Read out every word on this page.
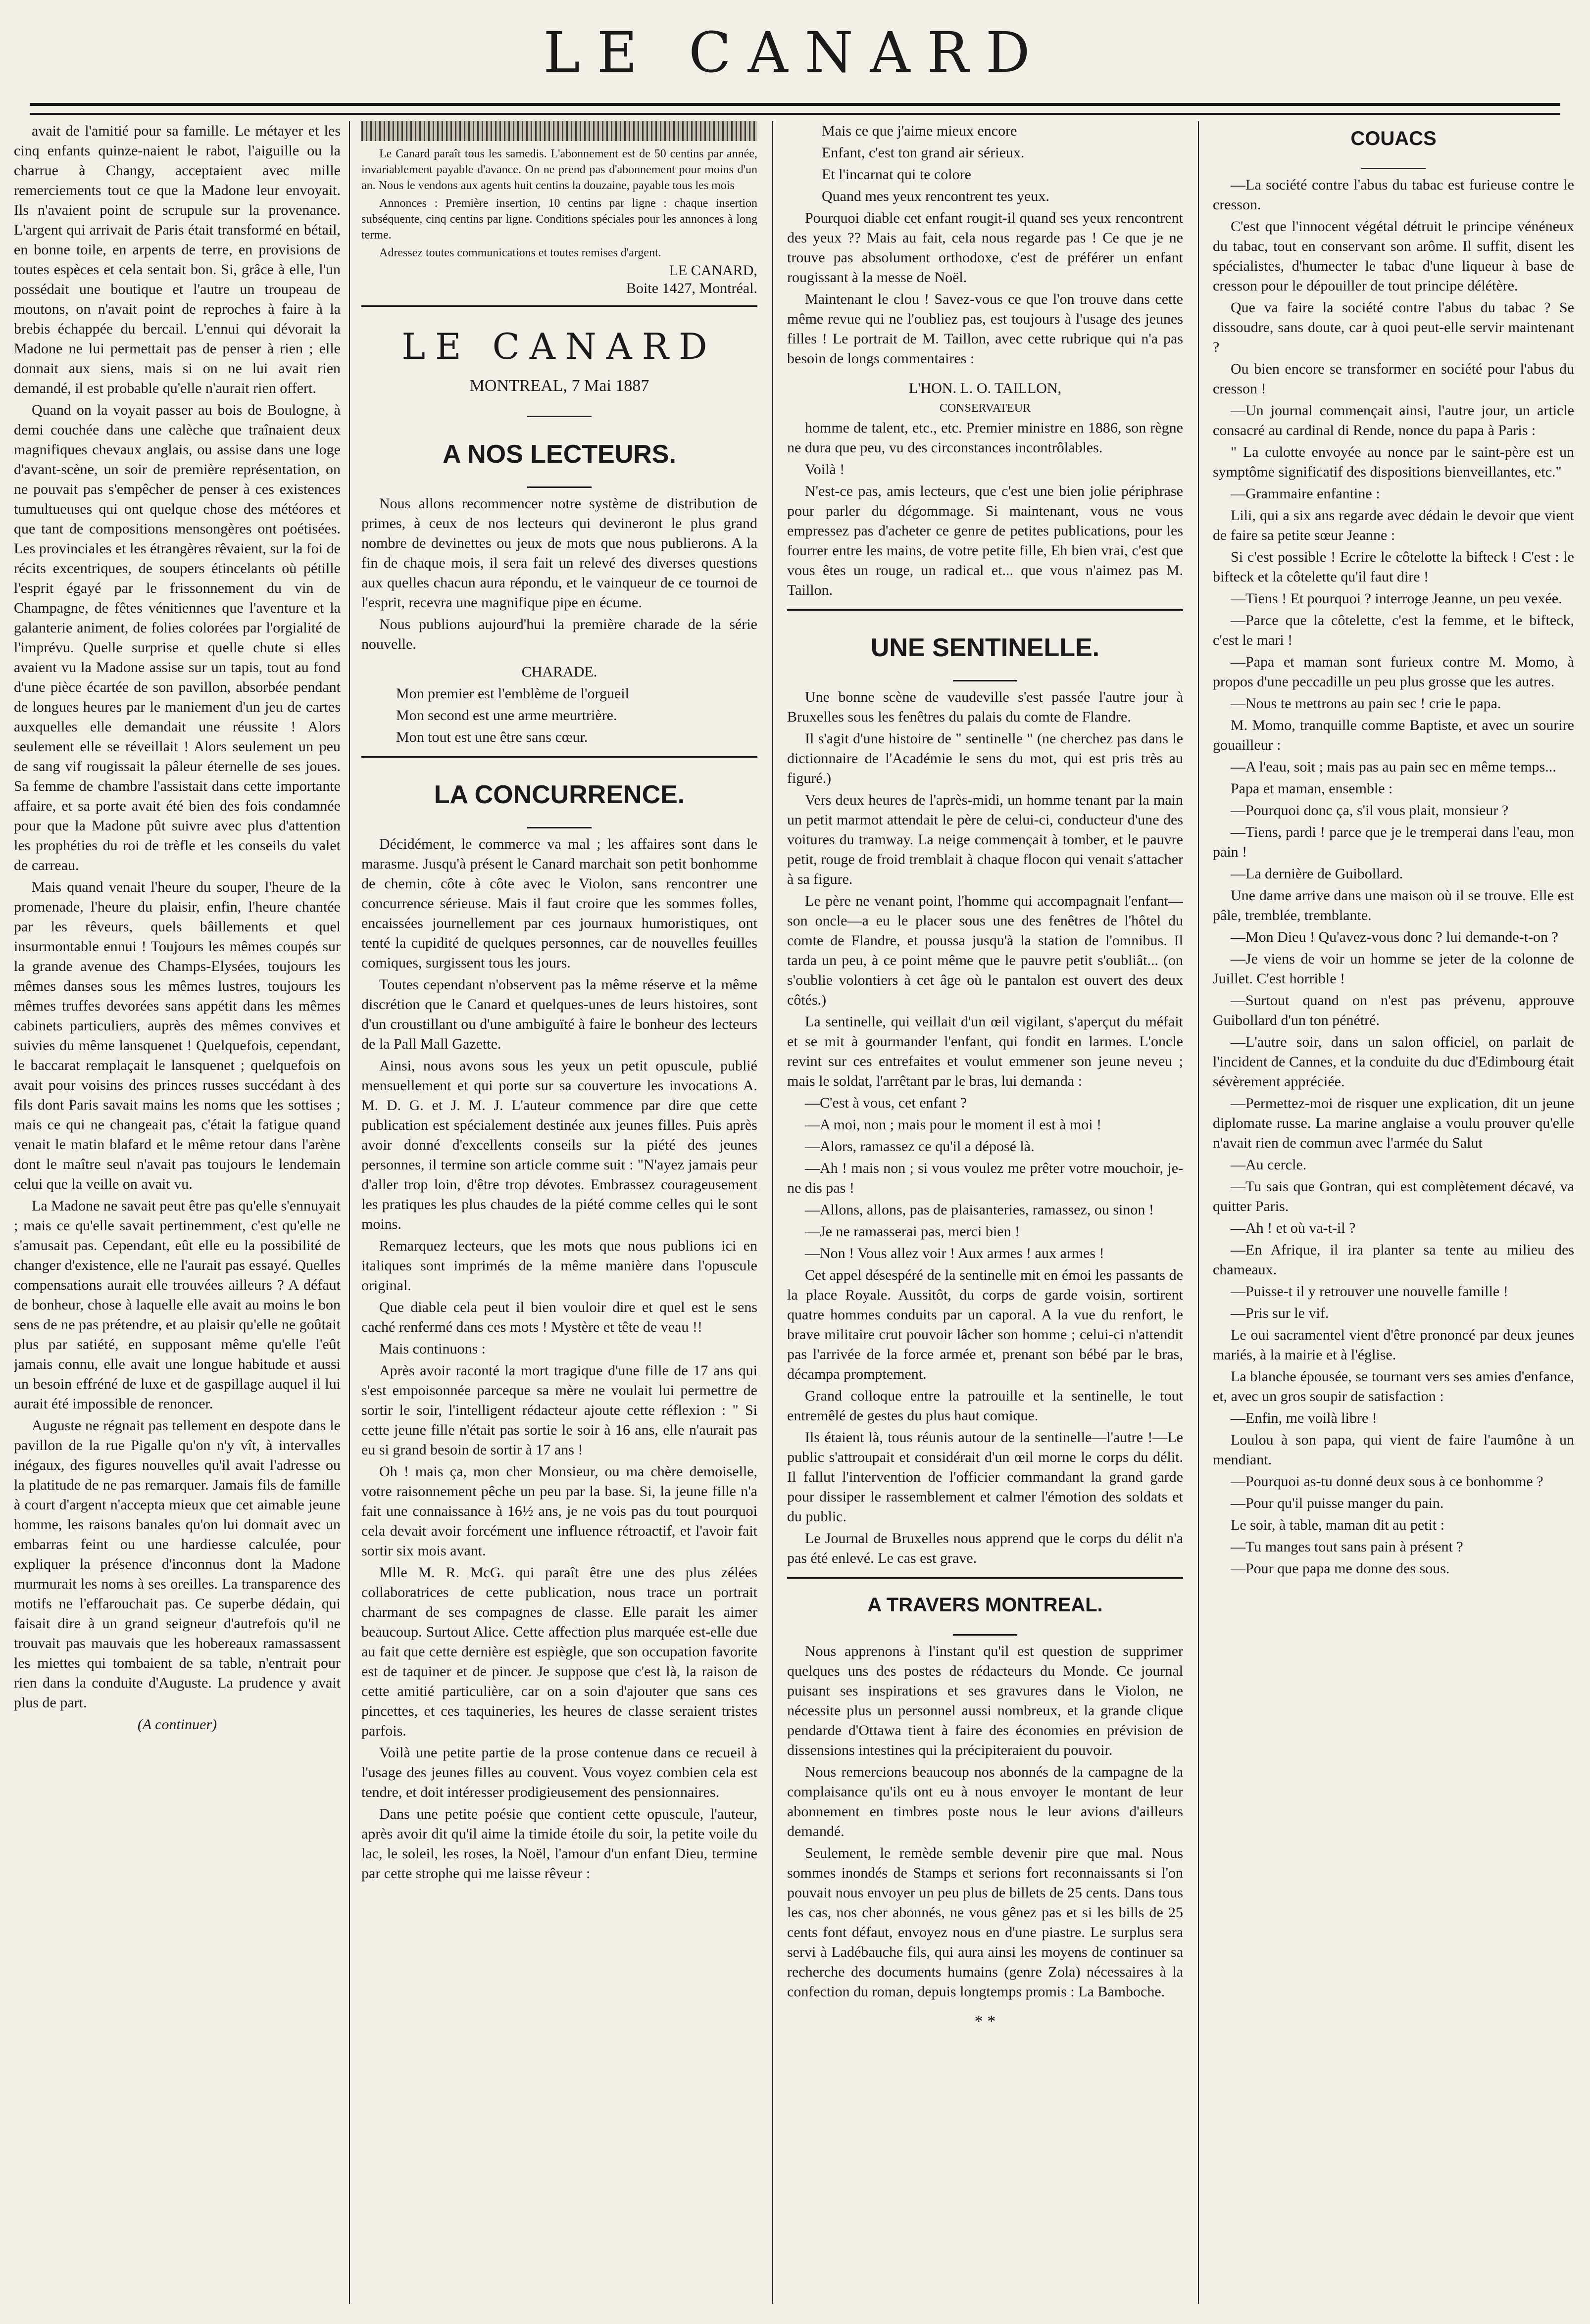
LE CANARD

avait de l'amitié pour sa famille. Le métayer et les cinq enfants quinze-naient le rabot, l'aiguille ou la charrue à Changy, acceptaient avec mille remerciements tout ce que la Madone leur envoyait. Ils n'avaient point de scrupule sur la provenance. L'argent qui arrivait de Paris était transformé en bétail, en bonne toile, en arpents de terre, en provisions de toutes espèces et cela sentait bon. Si, grâce à elle, l'un possédait une boutique et l'autre un troupeau de moutons, on n'avait point de reproches à faire à la brebis échappée du bercail. L'ennui qui dévorait la Madone ne lui permettait pas de penser à rien ; elle donnait aux siens, mais si on ne lui avait rien demandé, il est probable qu'elle n'aurait rien offert.

Quand on la voyait passer au bois de Boulogne, à demi couchée dans une calèche que traînaient deux magnifiques chevaux anglais, ou assise dans une loge d'avant-scène, un soir de première représentation, on ne pouvait pas s'empêcher de penser à ces existences tumultueuses qui ont quelque chose des météores et que tant de compositions mensongères ont poétisées. Les provinciales et les étrangères rêvaient, sur la foi de récits excentriques, de soupers étincelants où pétille l'esprit égayé par le frissonnement du vin de Champagne, de fêtes vénitiennes que l'aventure et la galanterie animent, de folies colorées par l'orgialité de l'imprévu. Quelle surprise et quelle chute si elles avaient vu la Madone assise sur un tapis, tout au fond d'une pièce écartée de son pavillon, absorbée pendant de longues heures par le maniement d'un jeu de cartes auxquelles elle demandait une réussite ! Alors seulement elle se réveillait ! Alors seulement un peu de sang vif rougissait la pâleur éternelle de ses joues. Sa femme de chambre l'assistait dans cette importante affaire, et sa porte avait été bien des fois condamnée pour que la Madone pût suivre avec plus d'attention les prophéties du roi de trèfle et les conseils du valet de carreau.

Mais quand venait l'heure du souper, l'heure de la promenade, l'heure du plaisir, enfin, l'heure chantée par les rêveurs, quels bâillements et quel insurmontable ennui ! Toujours les mêmes coupés sur la grande avenue des Champs-Elysées, toujours les mêmes danses sous les mêmes lustres, toujours les mêmes truffes devorées sans appétit dans les mêmes cabinets particuliers, auprès des mêmes convives et suivies du même lansquenet ! Quelquefois, cependant, le baccarat remplaçait le lansquenet ; quelquefois on avait pour voisins des princes russes succédant à des fils dont Paris savait mains les noms que les sottises ; mais ce qui ne changeait pas, c'était la fatigue quand venait le matin blafard et le même retour dans l'arène dont le maître seul n'avait pas toujours le lendemain celui que la veille on avait vu.

La Madone ne savait peut être pas qu'elle s'ennuyait ; mais ce qu'elle savait pertinemment, c'est qu'elle ne s'amusait pas. Cependant, eût elle eu la possibilité de changer d'existence, elle ne l'aurait pas essayé. Quelles compensations aurait elle trouvées ailleurs ? A défaut de bonheur, chose à laquelle elle avait au moins le bon sens de ne pas prétendre, et au plaisir qu'elle ne goûtait plus par satiété, en supposant même qu'elle l'eût jamais connu, elle avait une longue habitude et aussi un besoin effréné de luxe et de gaspillage auquel il lui aurait été impossible de renoncer.

Auguste ne régnait pas tellement en despote dans le pavillon de la rue Pigalle qu'on n'y vît, à intervalles inégaux, des figures nouvelles qu'il avait l'adresse ou la platitude de ne pas remarquer. Jamais fils de famille à court d'argent n'accepta mieux que cet aimable jeune homme, les raisons banales qu'on lui donnait avec un embarras feint ou une hardiesse calculée, pour expliquer la présence d'inconnus dont la Madone murmurait les noms à ses oreilles. La transparence des motifs ne l'effarouchait pas. Ce superbe dédain, qui faisait dire à un grand seigneur d'autrefois qu'il ne trouvait pas mauvais que les hobereaux ramassassent les miettes qui tombaient de sa table, n'entrait pour rien dans la conduite d'Auguste. La prudence y avait plus de part.

(A continuer)

Le Canard paraît tous les samedis. L'abonnement est de 50 centins par année, invariablement payable d'avance. On ne prend pas d'abonnement pour moins d'un an. Nous le vendons aux agents huit centins la douzaine, payable tous les mois

Annonces : Première insertion, 10 centins par ligne : chaque insertion subséquente, cinq centins par ligne. Conditions spéciales pour les annonces à long terme.

Adressez toutes communications et toutes remises d'argent.

LE CANARD,

Boite 1427, Montréal.

LE CANARD
MONTREAL, 7 Mai 1887
A NOS LECTEURS.

Nous allons recommencer notre système de distribution de primes, à ceux de nos lecteurs qui devineront le plus grand nombre de devinettes ou jeux de mots que nous publierons. A la fin de chaque mois, il sera fait un relevé des diverses questions aux quelles chacun aura répondu, et le vainqueur de ce tournoi de l'esprit, recevra une magnifique pipe en écume.

Nous publions aujourd'hui la première charade de la série nouvelle.

CHARADE.

Mon premier est l'emblème de l'orgueil

Mon second est une arme meurtrière.

Mon tout est une être sans cœur.

LA CONCURRENCE.

Décidément, le commerce va mal ; les affaires sont dans le marasme. Jusqu'à présent le Canard marchait son petit bonhomme de chemin, côte à côte avec le Violon, sans rencontrer une concurrence sérieuse. Mais il faut croire que les sommes folles, encaissées journellement par ces journaux humoristiques, ont tenté la cupidité de quelques personnes, car de nouvelles feuilles comiques, surgissent tous les jours.

Toutes cependant n'observent pas la même réserve et la même discrétion que le Canard et quelques-unes de leurs histoires, sont d'un croustillant ou d'une ambiguïté à faire le bonheur des lecteurs de la Pall Mall Gazette.

Ainsi, nous avons sous les yeux un petit opuscule, publié mensuellement et qui porte sur sa couverture les invocations A. M. D. G. et J. M. J. L'auteur commence par dire que cette publication est spécialement destinée aux jeunes filles. Puis après avoir donné d'excellents conseils sur la piété des jeunes personnes, il termine son article comme suit : "N'ayez jamais peur d'aller trop loin, d'être trop dévotes. Embrassez courageusement les pratiques les plus chaudes de la piété comme celles qui le sont moins.

Remarquez lecteurs, que les mots que nous publions ici en italiques sont imprimés de la même manière dans l'opuscule original.

Que diable cela peut il bien vouloir dire et quel est le sens caché renfermé dans ces mots ! Mystère et tête de veau !!

Mais continuons :

Après avoir raconté la mort tragique d'une fille de 17 ans qui s'est empoisonnée parceque sa mère ne voulait lui permettre de sortir le soir, l'intelligent rédacteur ajoute cette réflexion : " Si cette jeune fille n'était pas sortie le soir à 16 ans, elle n'aurait pas eu si grand besoin de sortir à 17 ans !

Oh ! mais ça, mon cher Monsieur, ou ma chère demoiselle, votre raisonnement pêche un peu par la base. Si, la jeune fille n'a fait une connaissance à 16½ ans, je ne vois pas du tout pourquoi cela devait avoir forcément une influence rétroactif, et l'avoir fait sortir six mois avant.

Mlle M. R. McG. qui paraît être une des plus zélées collaboratrices de cette publication, nous trace un portrait charmant de ses compagnes de classe. Elle parait les aimer beaucoup. Surtout Alice. Cette affection plus marquée est-elle due au fait que cette dernière est espiègle, que son occupation favorite est de taquiner et de pincer. Je suppose que c'est là, la raison de cette amitié particulière, car on a soin d'ajouter que sans ces pincettes, et ces taquineries, les heures de classe seraient tristes parfois.

Voilà une petite partie de la prose contenue dans ce recueil à l'usage des jeunes filles au couvent. Vous voyez combien cela est tendre, et doit intéresser prodigieusement des pensionnaires.

Dans une petite poésie que contient cette opuscule, l'auteur, après avoir dit qu'il aime la timide étoile du soir, la petite voile du lac, le soleil, les roses, la Noël, l'amour d'un enfant Dieu, termine par cette strophe qui me laisse rêveur :

Mais ce que j'aime mieux encore

Enfant, c'est ton grand air sérieux.

Et l'incarnat qui te colore

Quand mes yeux rencontrent tes yeux.

Pourquoi diable cet enfant rougit-il quand ses yeux rencontrent des yeux ?? Mais au fait, cela nous regarde pas ! Ce que je ne trouve pas absolument orthodoxe, c'est de préférer un enfant rougissant à la messe de Noël.

Maintenant le clou ! Savez-vous ce que l'on trouve dans cette même revue qui ne l'oubliez pas, est toujours à l'usage des jeunes filles ! Le portrait de M. Taillon, avec cette rubrique qui n'a pas besoin de longs commentaires :

L'HON. L. O. TAILLON,

CONSERVATEUR

homme de talent, etc., etc. Premier ministre en 1886, son règne ne dura que peu, vu des circonstances incontrôlables.

Voilà !

N'est-ce pas, amis lecteurs, que c'est une bien jolie périphrase pour parler du dégommage. Si maintenant, vous ne vous empressez pas d'acheter ce genre de petites publications, pour les fourrer entre les mains, de votre petite fille, Eh bien vrai, c'est que vous êtes un rouge, un radical et... que vous n'aimez pas M. Taillon.

UNE SENTINELLE.

Une bonne scène de vaudeville s'est passée l'autre jour à Bruxelles sous les fenêtres du palais du comte de Flandre.

Il s'agit d'une histoire de " sentinelle " (ne cherchez pas dans le dictionnaire de l'Académie le sens du mot, qui est pris très au figuré.)

Vers deux heures de l'après-midi, un homme tenant par la main un petit marmot attendait le père de celui-ci, conducteur d'une des voitures du tramway. La neige commençait à tomber, et le pauvre petit, rouge de froid tremblait à chaque flocon qui venait s'attacher à sa figure.

Le père ne venant point, l'homme qui accompagnait l'enfant—son oncle—a eu le placer sous une des fenêtres de l'hôtel du comte de Flandre, et poussa jusqu'à la station de l'omnibus. Il tarda un peu, à ce point même que le pauvre petit s'oubliât... (on s'oublie volontiers à cet âge où le pantalon est ouvert des deux côtés.)

La sentinelle, qui veillait d'un œil vigilant, s'aperçut du méfait et se mit à gourmander l'enfant, qui fondit en larmes. L'oncle revint sur ces entrefaites et voulut emmener son jeune neveu ; mais le soldat, l'arrêtant par le bras, lui demanda :

—C'est à vous, cet enfant ?

—A moi, non ; mais pour le moment il est à moi !

—Alors, ramassez ce qu'il a déposé là.

—Ah ! mais non ; si vous voulez me prêter votre mouchoir, je-ne dis pas !

—Allons, allons, pas de plaisanteries, ramassez, ou sinon !

—Je ne ramasserai pas, merci bien !

—Non ! Vous allez voir ! Aux armes ! aux armes !

Cet appel désespéré de la sentinelle mit en émoi les passants de la place Royale. Aussitôt, du corps de garde voisin, sortirent quatre hommes conduits par un caporal. A la vue du renfort, le brave militaire crut pouvoir lâcher son homme ; celui-ci n'attendit pas l'arrivée de la force armée et, prenant son bébé par le bras, décampa promptement.

Grand colloque entre la patrouille et la sentinelle, le tout entremêlé de gestes du plus haut comique.

Ils étaient là, tous réunis autour de la sentinelle—l'autre !—Le public s'attroupait et considérait d'un œil morne le corps du délit. Il fallut l'intervention de l'officier commandant la grand garde pour dissiper le rassemblement et calmer l'émotion des soldats et du public.

Le Journal de Bruxelles nous apprend que le corps du délit n'a pas été enlevé. Le cas est grave.

A TRAVERS MONTREAL.

Nous apprenons à l'instant qu'il est question de supprimer quelques uns des postes de rédacteurs du Monde. Ce journal puisant ses inspirations et ses gravures dans le Violon, ne nécessite plus un personnel aussi nombreux, et la grande clique pendarde d'Ottawa tient à faire des économies en prévision de dissensions intestines qui la précipiteraient du pouvoir.

Nous remercions beaucoup nos abonnés de la campagne de la complaisance qu'ils ont eu à nous envoyer le montant de leur abonnement en timbres poste nous le leur avions d'ailleurs demandé.

Seulement, le remède semble devenir pire que mal. Nous sommes inondés de Stamps et serions fort reconnaissants si l'on pouvait nous envoyer un peu plus de billets de 25 cents. Dans tous les cas, nos cher abonnés, ne vous gênez pas et si les bills de 25 cents font défaut, envoyez nous en d'une piastre. Le surplus sera servi à Ladébauche fils, qui aura ainsi les moyens de continuer sa recherche des documents humains (genre Zola) nécessaires à la confection du roman, depuis longtemps promis : La Bamboche.

* *
COUACS

—La société contre l'abus du tabac est furieuse contre le cresson.

C'est que l'innocent végétal détruit le principe vénéneux du tabac, tout en conservant son arôme. Il suffit, disent les spécialistes, d'humecter le tabac d'une liqueur à base de cresson pour le dépouiller de tout principe délétère.

Que va faire la société contre l'abus du tabac ? Se dissoudre, sans doute, car à quoi peut-elle servir maintenant ?

Ou bien encore se transformer en société pour l'abus du cresson !

—Un journal commençait ainsi, l'autre jour, un article consacré au cardinal di Rende, nonce du papa à Paris :

" La culotte envoyée au nonce par le saint-père est un symptôme significatif des dispositions bienveillantes, etc."

—Grammaire enfantine :

Lili, qui a six ans regarde avec dédain le devoir que vient de faire sa petite sœur Jeanne :

Si c'est possible ! Ecrire le côtelotte la bifteck ! C'est : le bifteck et la côtelette qu'il faut dire !

—Tiens ! Et pourquoi ? interroge Jeanne, un peu vexée.

—Parce que la côtelette, c'est la femme, et le bifteck, c'est le mari !

—Papa et maman sont furieux contre M. Momo, à propos d'une peccadille un peu plus grosse que les autres.

—Nous te mettrons au pain sec ! crie le papa.

M. Momo, tranquille comme Baptiste, et avec un sourire gouailleur :

—A l'eau, soit ; mais pas au pain sec en même temps...

Papa et maman, ensemble :

—Pourquoi donc ça, s'il vous plait, monsieur ?

—Tiens, pardi ! parce que je le tremperai dans l'eau, mon pain !

—La dernière de Guibollard.

Une dame arrive dans une maison où il se trouve. Elle est pâle, tremblée, tremblante.

—Mon Dieu ! Qu'avez-vous donc ? lui demande-t-on ?

—Je viens de voir un homme se jeter de la colonne de Juillet. C'est horrible !

—Surtout quand on n'est pas prévenu, approuve Guibollard d'un ton pénétré.

—L'autre soir, dans un salon officiel, on parlait de l'incident de Cannes, et la conduite du duc d'Edimbourg était sévèrement appréciée.

—Permettez-moi de risquer une explication, dit un jeune diplomate russe. La marine anglaise a voulu prouver qu'elle n'avait rien de commun avec l'armée du Salut

—Au cercle.

—Tu sais que Gontran, qui est complètement décavé, va quitter Paris.

—Ah ! et où va-t-il ?

—En Afrique, il ira planter sa tente au milieu des chameaux.

—Puisse-t il y retrouver une nouvelle famille !

—Pris sur le vif.

Le oui sacramentel vient d'être prononcé par deux jeunes mariés, à la mairie et à l'église.

La blanche épousée, se tournant vers ses amies d'enfance, et, avec un gros soupir de satisfaction :

—Enfin, me voilà libre !

Loulou à son papa, qui vient de faire l'aumône à un mendiant.

—Pourquoi as-tu donné deux sous à ce bonhomme ?

—Pour qu'il puisse manger du pain.

Le soir, à table, maman dit au petit :

—Tu manges tout sans pain à présent ?

—Pour que papa me donne des sous.
